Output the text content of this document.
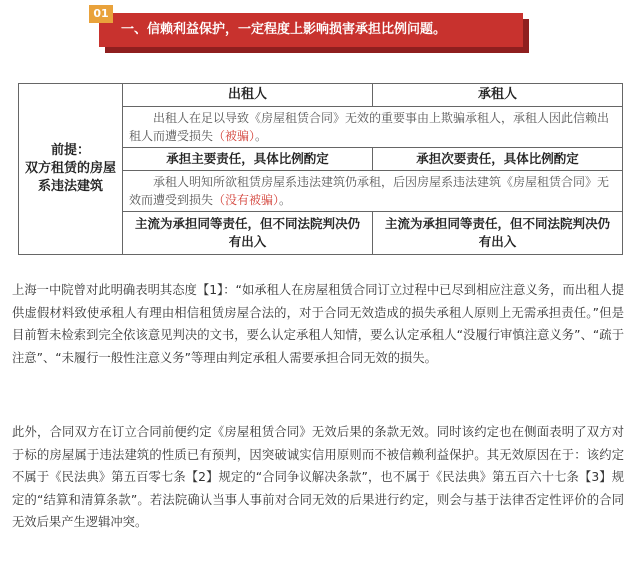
一、信赖利益保护，一定程度上影响损害承担比例问题。
01
前提：
双方租赁的房屋系违法建筑	出租人	承租人
	出租人在足以导致《房屋租赁合同》无效的重要事由上欺骗承租人，承租人因此信赖出租人而遭受损失（被骗）。	
	承担主要责任，具体比例酌定	承担次要责任，具体比例酌定
	承租人明知所欲租赁房屋系违法建筑仍承租，后因房屋系违法建筑《房屋租赁合同》无效而遭受到损失（没有被骗）。	
	主流为承担同等责任，但不同法院判决仍有出入	主流为承担同等责任，但不同法院判决仍有出入

上海一中院曾对此明确表明其态度【1】：“如承租人在房屋租赁合同订立过程中已尽到相应注意义务，而出租人提供虚假材料致使承租人有理由相信租赁房屋合法的，对于合同无效造成的损失承租人原则上无需承担责任。”但是目前暂未检索到完全依该意见判决的文书，要么认定承租人知情，要么认定承租人“没履行审慎注意义务”、“疏于注意”、“未履行一般性注意义务”等理由判定承租人需要承担合同无效的损失。

此外，合同双方在订立合同前便约定《房屋租赁合同》无效后果的条款无效。同时该约定也在侧面表明了双方对于标的房屋属于违法建筑的性质已有预判，因突破诚实信用原则而不被信赖利益保护。其无效原因在于：该约定不属于《民法典》第五百零七条【2】规定的“合同争议解决条款”，也不属于《民法典》第五百六十七条【3】规定的“结算和清算条款”。若法院确认当事人事前对合同无效的后果进行约定，则会与基于法律否定性评价的合同无效后果产生逻辑冲突。
